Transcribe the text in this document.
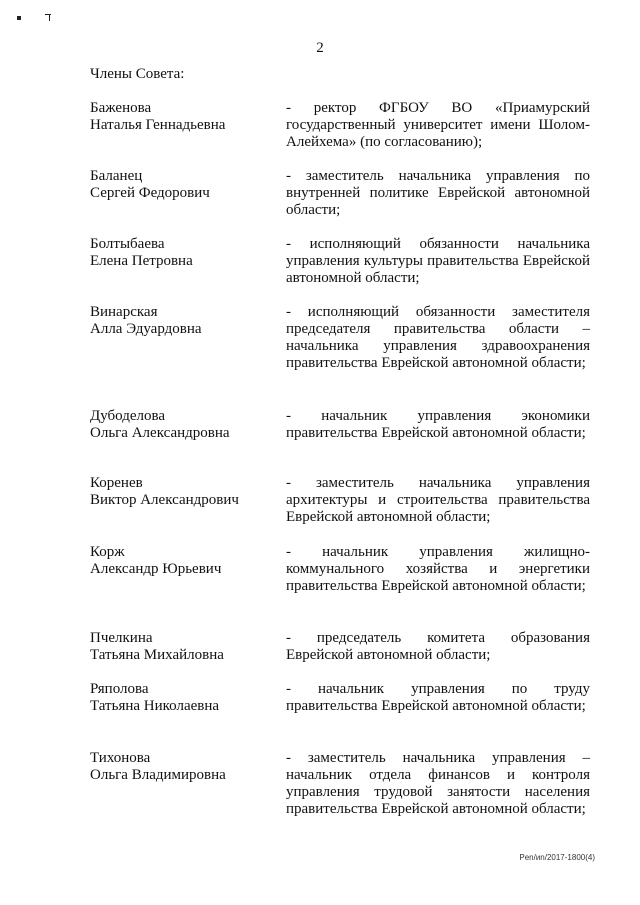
2
Члены Совета:
Баженова
Наталья Геннадьевна
- ректор ФГБОУ ВО «Приамурский государственный университет имени Шолом-Алейхема» (по согласованию);
Баланец
Сергей Федорович
- заместитель начальника управления по внутренней политике Еврейской автономной области;
Болтыбаева
Елена Петровна
- исполняющий обязанности начальника управления культуры правительства Еврейской автономной области;
Винарская
Алла Эдуардовна
- исполняющий обязанности заместителя председателя правительства области – начальника управления здравоохранения правительства Еврейской автономной области;
Дубоделова
Ольга Александровна
- начальник управления экономики правительства Еврейской автономной области;
Коренев
Виктор Александрович
- заместитель начальника управления архитектуры и строительства правительства Еврейской автономной области;
Корж
Александр Юрьевич
- начальник управления жилищно-коммунального хозяйства и энергетики правительства Еврейской автономной области;
Пчелкина
Татьяна Михайловна
- председатель комитета образования Еврейской автономной области;
Ряполова
Татьяна Николаевна
- начальник управления по труду правительства Еврейской автономной области;
Тихонова
Ольга Владимировна
- заместитель начальника управления – начальник отдела финансов и контроля управления трудовой занятости населения правительства Еврейской автономной области;
Pen/иn/2017-1800(4)
